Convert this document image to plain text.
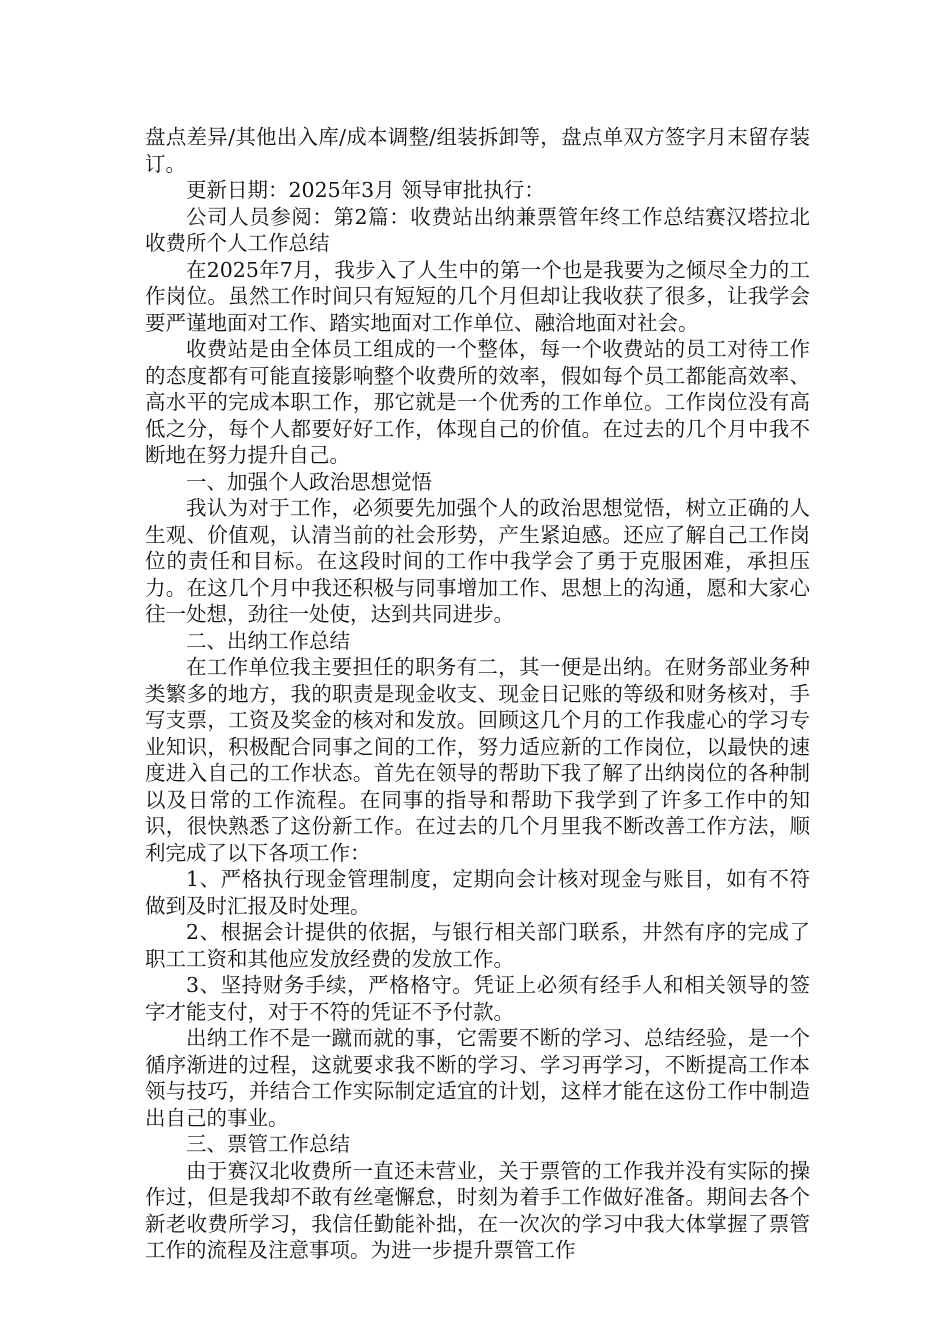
盘点差异/其他出入库/成本调整/组装拆卸等，盘点单双方签字月末留存装订。

更新日期：2025年3月 领导审批执行：

公司人员参阅：第2篇：收费站出纳兼票管年终工作总结赛汉塔拉北收费所个人工作总结

在2025年7月，我步入了人生中的第一个也是我要为之倾尽全力的工作岗位。虽然工作时间只有短短的几个月但却让我收获了很多，让我学会要严谨地面对工作、踏实地面对工作单位、融洽地面对社会。

收费站是由全体员工组成的一个整体，每一个收费站的员工对待工作的态度都有可能直接影响整个收费所的效率，假如每个员工都能高效率、高水平的完成本职工作，那它就是一个优秀的工作单位。工作岗位没有高低之分，每个人都要好好工作，体现自己的价值。在过去的几个月中我不断地在努力提升自己。

一、加强个人政治思想觉悟

我认为对于工作，必须要先加强个人的政治思想觉悟，树立正确的人生观、价值观，认清当前的社会形势，产生紧迫感。还应了解自己工作岗位的责任和目标。在这段时间的工作中我学会了勇于克服困难，承担压力。在这几个月中我还积极与同事增加工作、思想上的沟通，愿和大家心往一处想，劲往一处使，达到共同进步。

二、出纳工作总结

在工作单位我主要担任的职务有二，其一便是出纳。在财务部业务种类繁多的地方，我的职责是现金收支、现金日记账的等级和财务核对，手写支票，工资及奖金的核对和发放。回顾这几个月的工作我虚心的学习专业知识，积极配合同事之间的工作，努力适应新的工作岗位，以最快的速度进入自己的工作状态。首先在领导的帮助下我了解了出纳岗位的各种制以及日常的工作流程。在同事的指导和帮助下我学到了许多工作中的知识，很快熟悉了这份新工作。在过去的几个月里我不断改善工作方法，顺利完成了以下各项工作：

1、严格执行现金管理制度，定期向会计核对现金与账目，如有不符做到及时汇报及时处理。

2、根据会计提供的依据，与银行相关部门联系，井然有序的完成了职工工资和其他应发放经费的发放工作。

3、坚持财务手续，严格格守。凭证上必须有经手人和相关领导的签字才能支付，对于不符的凭证不予付款。

出纳工作不是一蹴而就的事，它需要不断的学习、总结经验，是一个循序渐进的过程，这就要求我不断的学习、学习再学习，不断提高工作本领与技巧，并结合工作实际制定适宜的计划，这样才能在这份工作中制造出自己的事业。

三、票管工作总结

由于赛汉北收费所一直还未营业，关于票管的工作我并没有实际的操作过，但是我却不敢有丝毫懈怠，时刻为着手工作做好准备。期间去各个新老收费所学习，我信任勤能补拙，在一次次的学习中我大体掌握了票管工作的流程及注意事项。为进一步提升票管工作
